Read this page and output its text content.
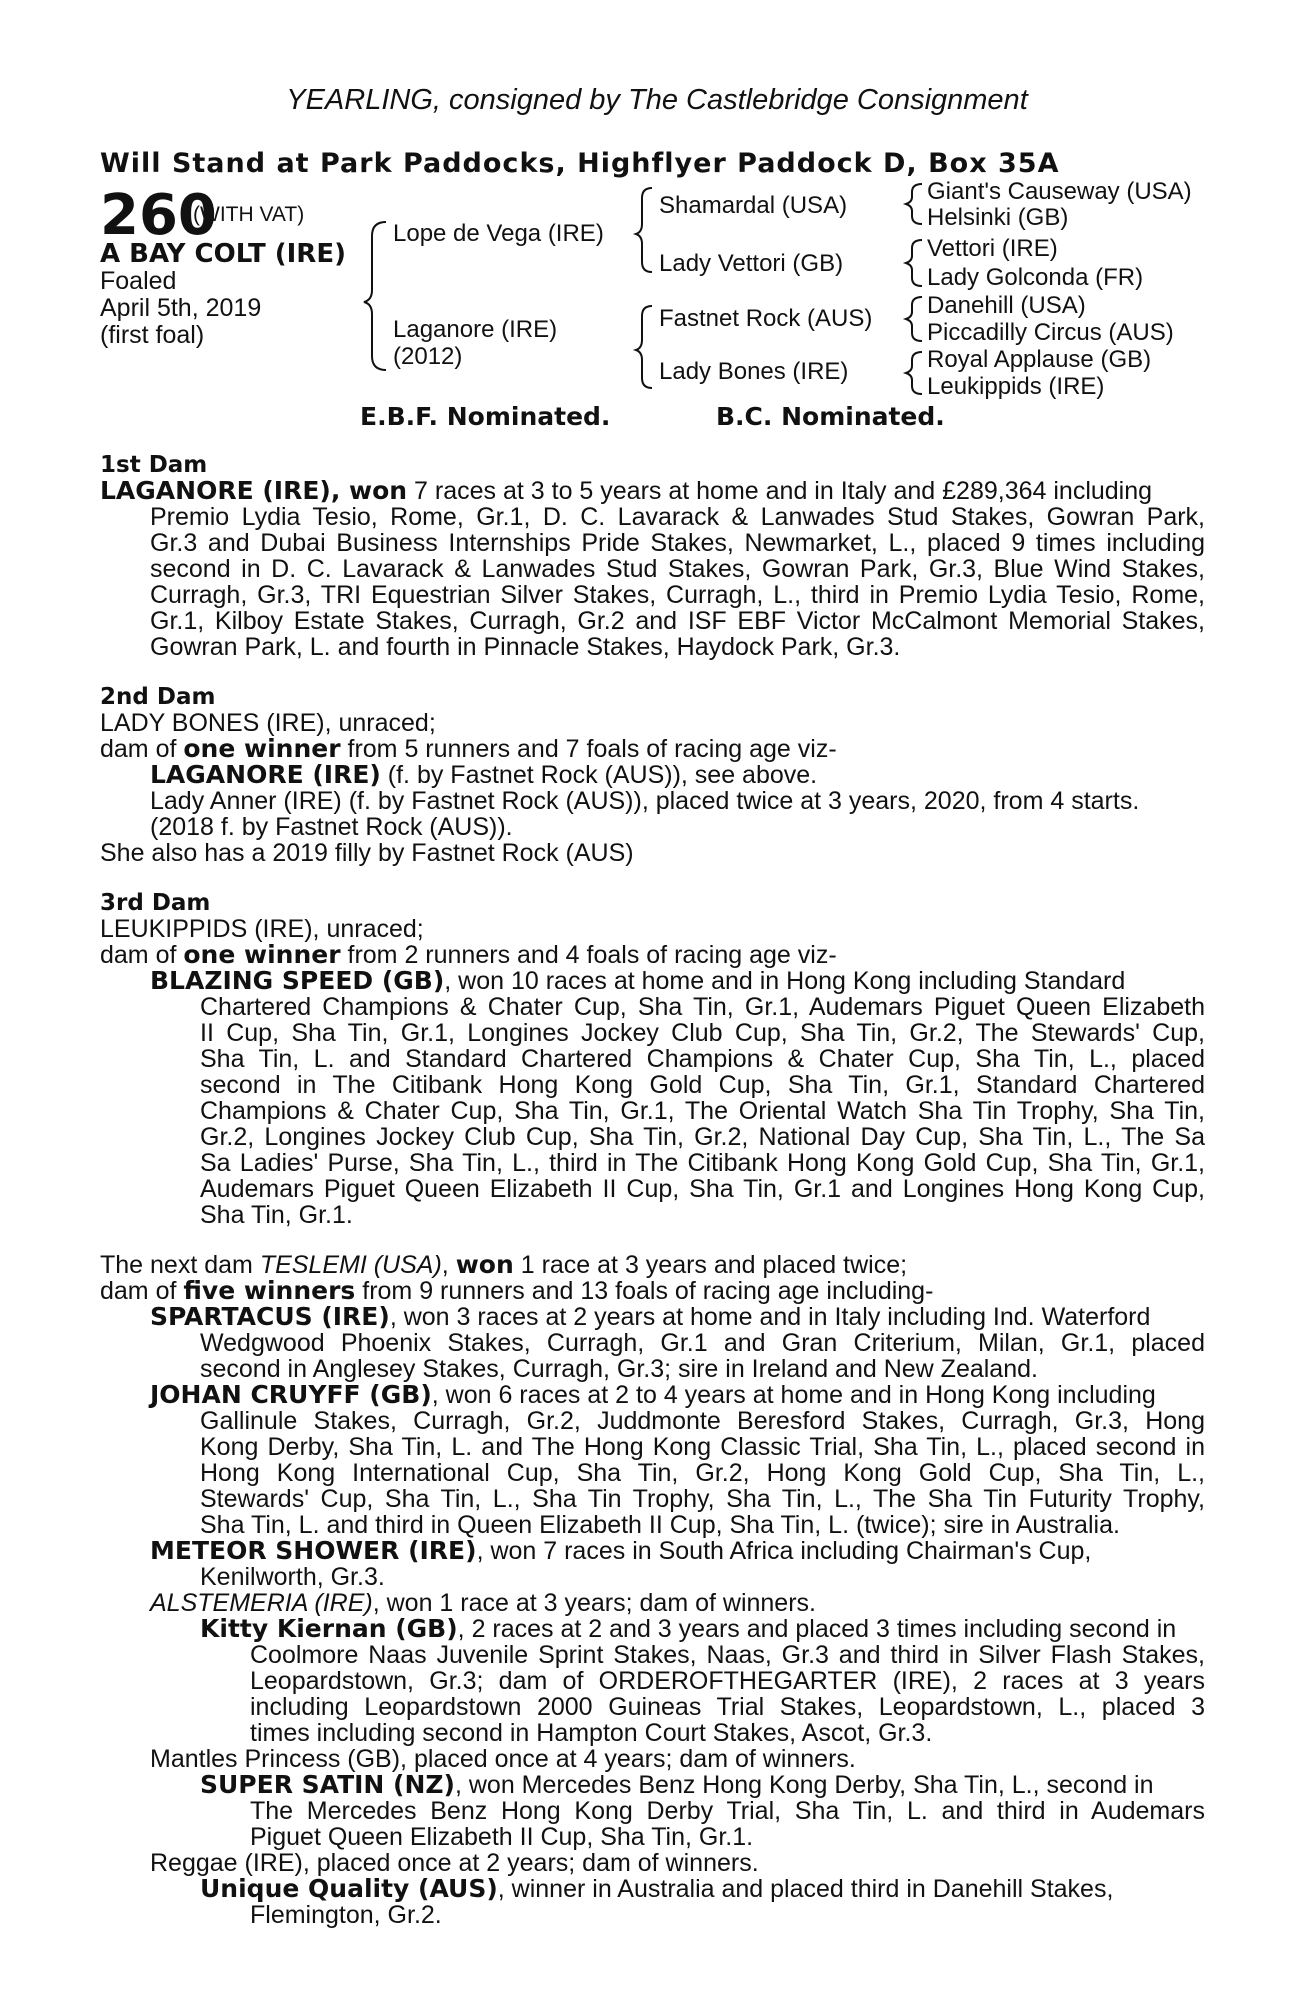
YEARLING, consigned by The Castlebridge Consignment
Will Stand at Park Paddocks, Highflyer Paddock D, Box 35A
260
(WITH VAT)
A BAY COLT (IRE)
Foaled
April 5th, 2019
(first foal)
Lope de Vega (IRE)
Laganore (IRE)
(2012)
Shamardal (USA)
Lady Vettori (GB)
Fastnet Rock (AUS)
Lady Bones (IRE)
Giant's Causeway (USA)
Helsinki (GB)
Vettori (IRE)
Lady Golconda (FR)
Danehill (USA)
Piccadilly Circus (AUS)
Royal Applause (GB)
Leukippids (IRE)
E.B.F. Nominated.	B.C. Nominated.
1st Dam
LAGANORE (IRE), won 7 races at 3 to 5 years at home and in Italy and £289,364 including
Premio Lydia Tesio, Rome, Gr.1, D. C. Lavarack & Lanwades Stud Stakes, Gowran Park,
Gr.3 and Dubai Business Internships Pride Stakes, Newmarket, L., placed 9 times including
second in D. C. Lavarack & Lanwades Stud Stakes, Gowran Park, Gr.3, Blue Wind Stakes,
Curragh, Gr.3, TRI Equestrian Silver Stakes, Curragh, L., third in Premio Lydia Tesio, Rome,
Gr.1, Kilboy Estate Stakes, Curragh, Gr.2 and ISF EBF Victor McCalmont Memorial Stakes,
Gowran Park, L. and fourth in Pinnacle Stakes, Haydock Park, Gr.3.
2nd Dam
LADY BONES (IRE), unraced;
dam of one winner from 5 runners and 7 foals of racing age viz-
LAGANORE (IRE) (f. by Fastnet Rock (AUS)), see above.
Lady Anner (IRE) (f. by Fastnet Rock (AUS)), placed twice at 3 years, 2020, from 4 starts.
(2018 f. by Fastnet Rock (AUS)).
She also has a 2019 filly by Fastnet Rock (AUS)
3rd Dam
LEUKIPPIDS (IRE), unraced;
dam of one winner from 2 runners and 4 foals of racing age viz-
BLAZING SPEED (GB), won 10 races at home and in Hong Kong including Standard
Chartered Champions & Chater Cup, Sha Tin, Gr.1, Audemars Piguet Queen Elizabeth
II Cup, Sha Tin, Gr.1, Longines Jockey Club Cup, Sha Tin, Gr.2, The Stewards' Cup,
Sha Tin, L. and Standard Chartered Champions & Chater Cup, Sha Tin, L., placed
second in The Citibank Hong Kong Gold Cup, Sha Tin, Gr.1, Standard Chartered
Champions & Chater Cup, Sha Tin, Gr.1, The Oriental Watch Sha Tin Trophy, Sha Tin,
Gr.2, Longines Jockey Club Cup, Sha Tin, Gr.2, National Day Cup, Sha Tin, L., The Sa
Sa Ladies' Purse, Sha Tin, L., third in The Citibank Hong Kong Gold Cup, Sha Tin, Gr.1,
Audemars Piguet Queen Elizabeth II Cup, Sha Tin, Gr.1 and Longines Hong Kong Cup,
Sha Tin, Gr.1.
The next dam TESLEMI (USA), won 1 race at 3 years and placed twice;
dam of five winners from 9 runners and 13 foals of racing age including-
SPARTACUS (IRE), won 3 races at 2 years at home and in Italy including Ind. Waterford
Wedgwood Phoenix Stakes, Curragh, Gr.1 and Gran Criterium, Milan, Gr.1, placed
second in Anglesey Stakes, Curragh, Gr.3; sire in Ireland and New Zealand.
JOHAN CRUYFF (GB), won 6 races at 2 to 4 years at home and in Hong Kong including
Gallinule Stakes, Curragh, Gr.2, Juddmonte Beresford Stakes, Curragh, Gr.3, Hong
Kong Derby, Sha Tin, L. and The Hong Kong Classic Trial, Sha Tin, L., placed second in
Hong Kong International Cup, Sha Tin, Gr.2, Hong Kong Gold Cup, Sha Tin, L.,
Stewards' Cup, Sha Tin, L., Sha Tin Trophy, Sha Tin, L., The Sha Tin Futurity Trophy,
Sha Tin, L. and third in Queen Elizabeth II Cup, Sha Tin, L. (twice); sire in Australia.
METEOR SHOWER (IRE), won 7 races in South Africa including Chairman's Cup,
Kenilworth, Gr.3.
ALSTEMERIA (IRE), won 1 race at 3 years; dam of winners.
Kitty Kiernan (GB), 2 races at 2 and 3 years and placed 3 times including second in
Coolmore Naas Juvenile Sprint Stakes, Naas, Gr.3 and third in Silver Flash Stakes,
Leopardstown, Gr.3; dam of ORDEROFTHEGARTER (IRE), 2 races at 3 years
including Leopardstown 2000 Guineas Trial Stakes, Leopardstown, L., placed 3
times including second in Hampton Court Stakes, Ascot, Gr.3.
Mantles Princess (GB), placed once at 4 years; dam of winners.
SUPER SATIN (NZ), won Mercedes Benz Hong Kong Derby, Sha Tin, L., second in
The Mercedes Benz Hong Kong Derby Trial, Sha Tin, L. and third in Audemars
Piguet Queen Elizabeth II Cup, Sha Tin, Gr.1.
Reggae (IRE), placed once at 2 years; dam of winners.
Unique Quality (AUS), winner in Australia and placed third in Danehill Stakes,
Flemington, Gr.2.
